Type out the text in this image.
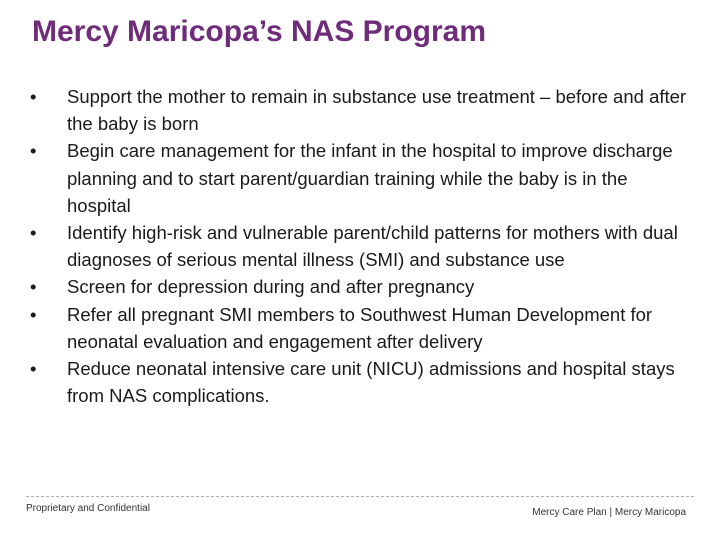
Mercy Maricopa’s NAS Program
• Support the mother to remain in substance use treatment – before and after the baby is born
• Begin care management for the infant in the hospital to improve discharge planning and to start parent/guardian training while the baby is in the hospital
• Identify high-risk and vulnerable parent/child patterns for mothers with dual diagnoses of serious mental illness (SMI) and substance use
• Screen for depression during and after pregnancy
• Refer all pregnant SMI members to Southwest Human Development for neonatal evaluation and engagement after delivery
• Reduce neonatal intensive care unit (NICU) admissions and hospital stays from NAS complications.
Proprietary and Confidential	Mercy Care Plan | Mercy Maricopa
